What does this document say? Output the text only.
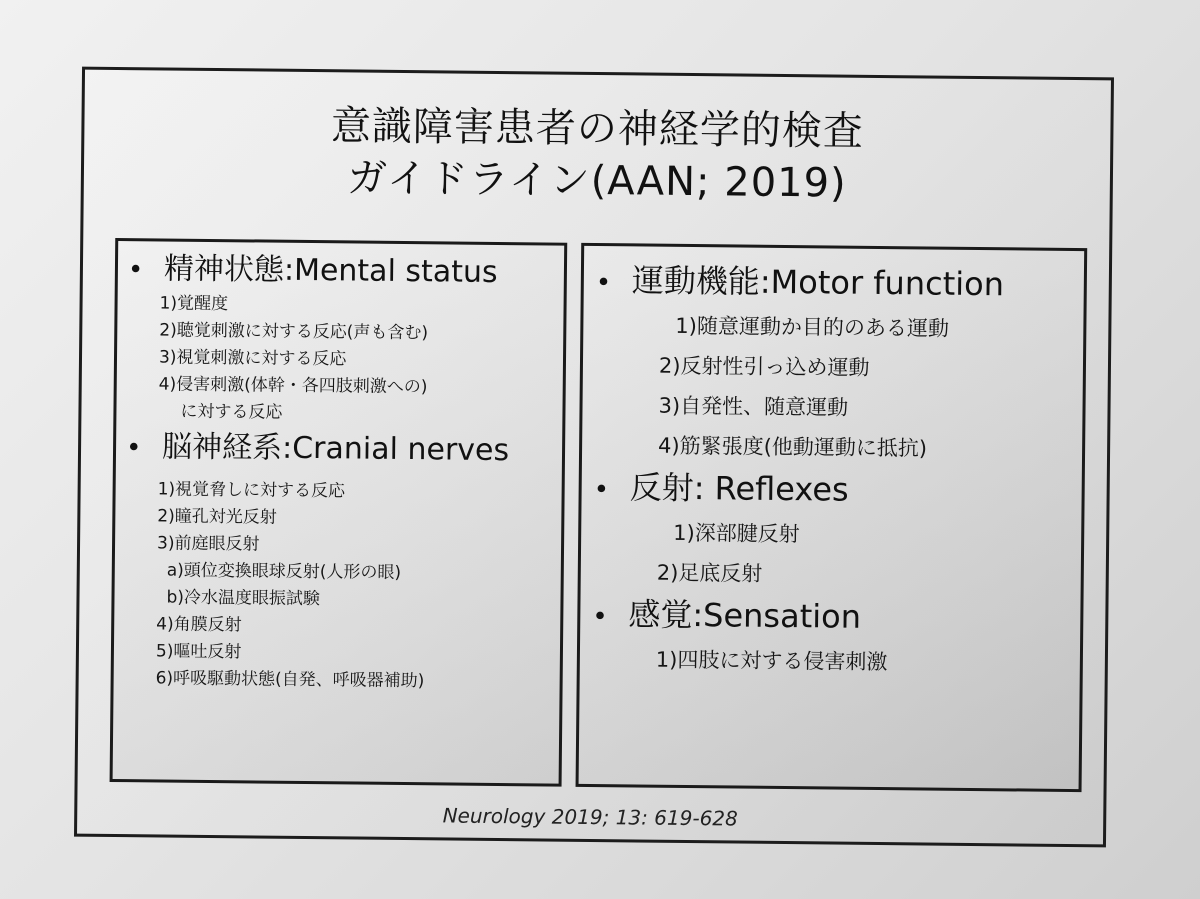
意識障害患者の神経学的検査
ガイドライン(AAN; 2019)
• 精神状態:Mental status
1)覚醒度
2)聴覚刺激に対する反応(声も含む)
3)視覚刺激に対する反応
4)侵害刺激(体幹・各四肢刺激への)
に対する反応
• 脳神経系:Cranial nerves
1)視覚脅しに対する反応
2)瞳孔対光反射
3)前庭眼反射
a)頭位変換眼球反射(人形の眼)
b)冷水温度眼振試験
4)角膜反射
5)嘔吐反射
6)呼吸駆動状態(自発、呼吸器補助)
• 運動機能:Motor function
1)随意運動か目的のある運動
2)反射性引っ込め運動
3)自発性、随意運動
4)筋緊張度(他動運動に抵抗)
• 反射: Reflexes
1)深部腱反射
2)足底反射
• 感覚:Sensation
1)四肢に対する侵害刺激
Neurology 2019; 13: 619-628
